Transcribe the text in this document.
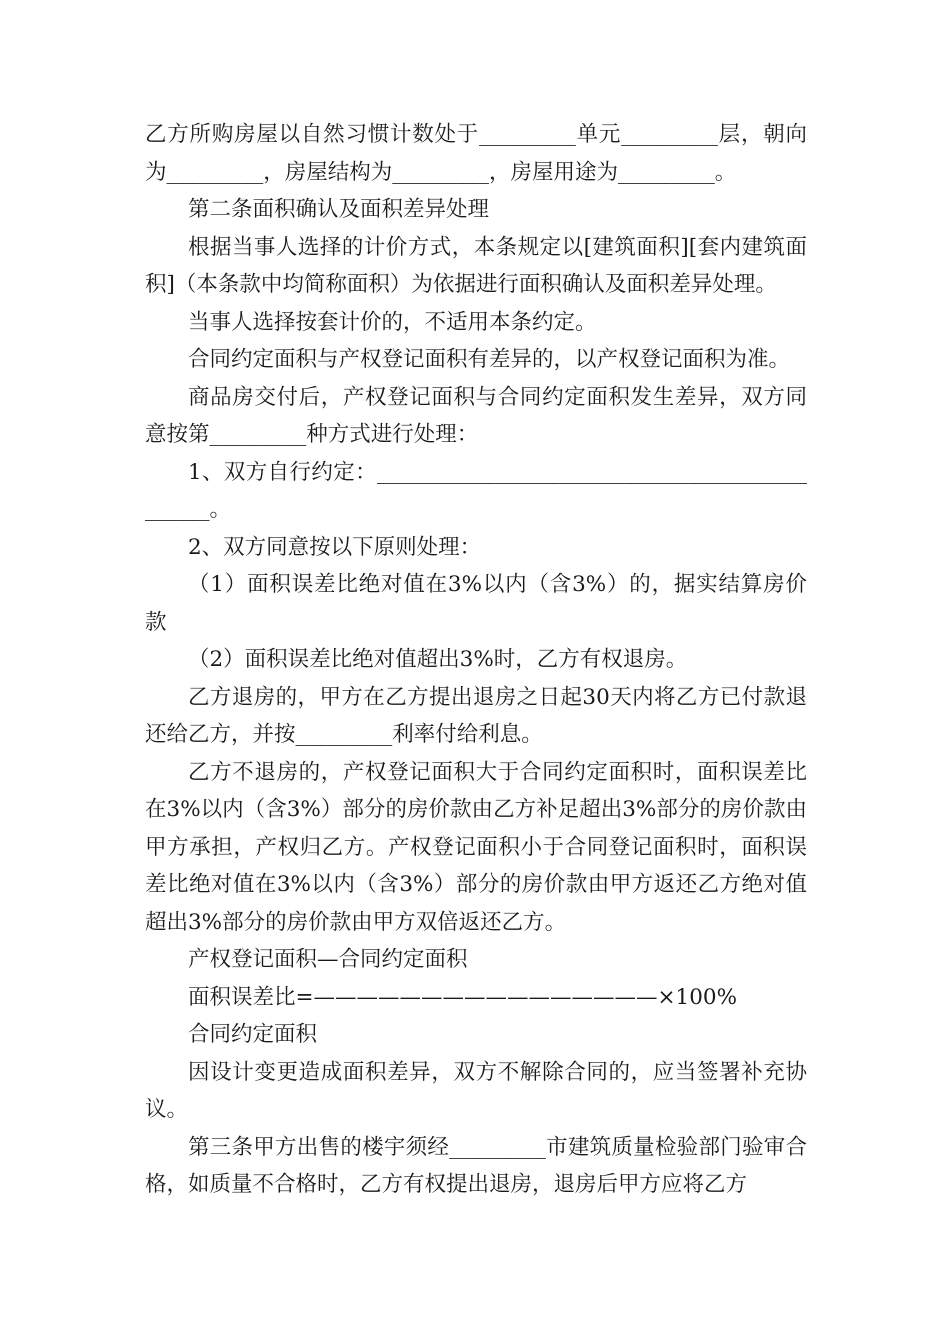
乙方所购房屋以自然习惯计数处于_________单元_________层，朝向为_________，房屋结构为_________，房屋用途为_________。

第二条面积确认及面积差异处理

根据当事人选择的计价方式，本条规定以[建筑面积][套内建筑面积]（本条款中均简称面积）为依据进行面积确认及面积差异处理。

当事人选择按套计价的，不适用本条约定。

合同约定面积与产权登记面积有差异的，以产权登记面积为准。

商品房交付后，产权登记面积与合同约定面积发生差异，双方同意按第_________种方式进行处理：

1、双方自行约定：______________________________________________。

2、双方同意按以下原则处理：

（1）面积误差比绝对值在3%以内（含3%）的，据实结算房价款

（2）面积误差比绝对值超出3%时，乙方有权退房。

乙方退房的，甲方在乙方提出退房之日起30天内将乙方已付款退还给乙方，并按_________利率付给利息。

乙方不退房的，产权登记面积大于合同约定面积时，面积误差比在3%以内（含3%）部分的房价款由乙方补足超出3%部分的房价款由甲方承担，产权归乙方。产权登记面积小于合同登记面积时，面积误差比绝对值在3%以内（含3%）部分的房价款由甲方返还乙方绝对值超出3%部分的房价款由甲方双倍返还乙方。

产权登记面积—合同约定面积

面积误差比=————————————————×100%

合同约定面积

因设计变更造成面积差异，双方不解除合同的，应当签署补充协议。

第三条甲方出售的楼宇须经_________市建筑质量检验部门验审合格，如质量不合格时，乙方有权提出退房，退房后甲方应将乙方
